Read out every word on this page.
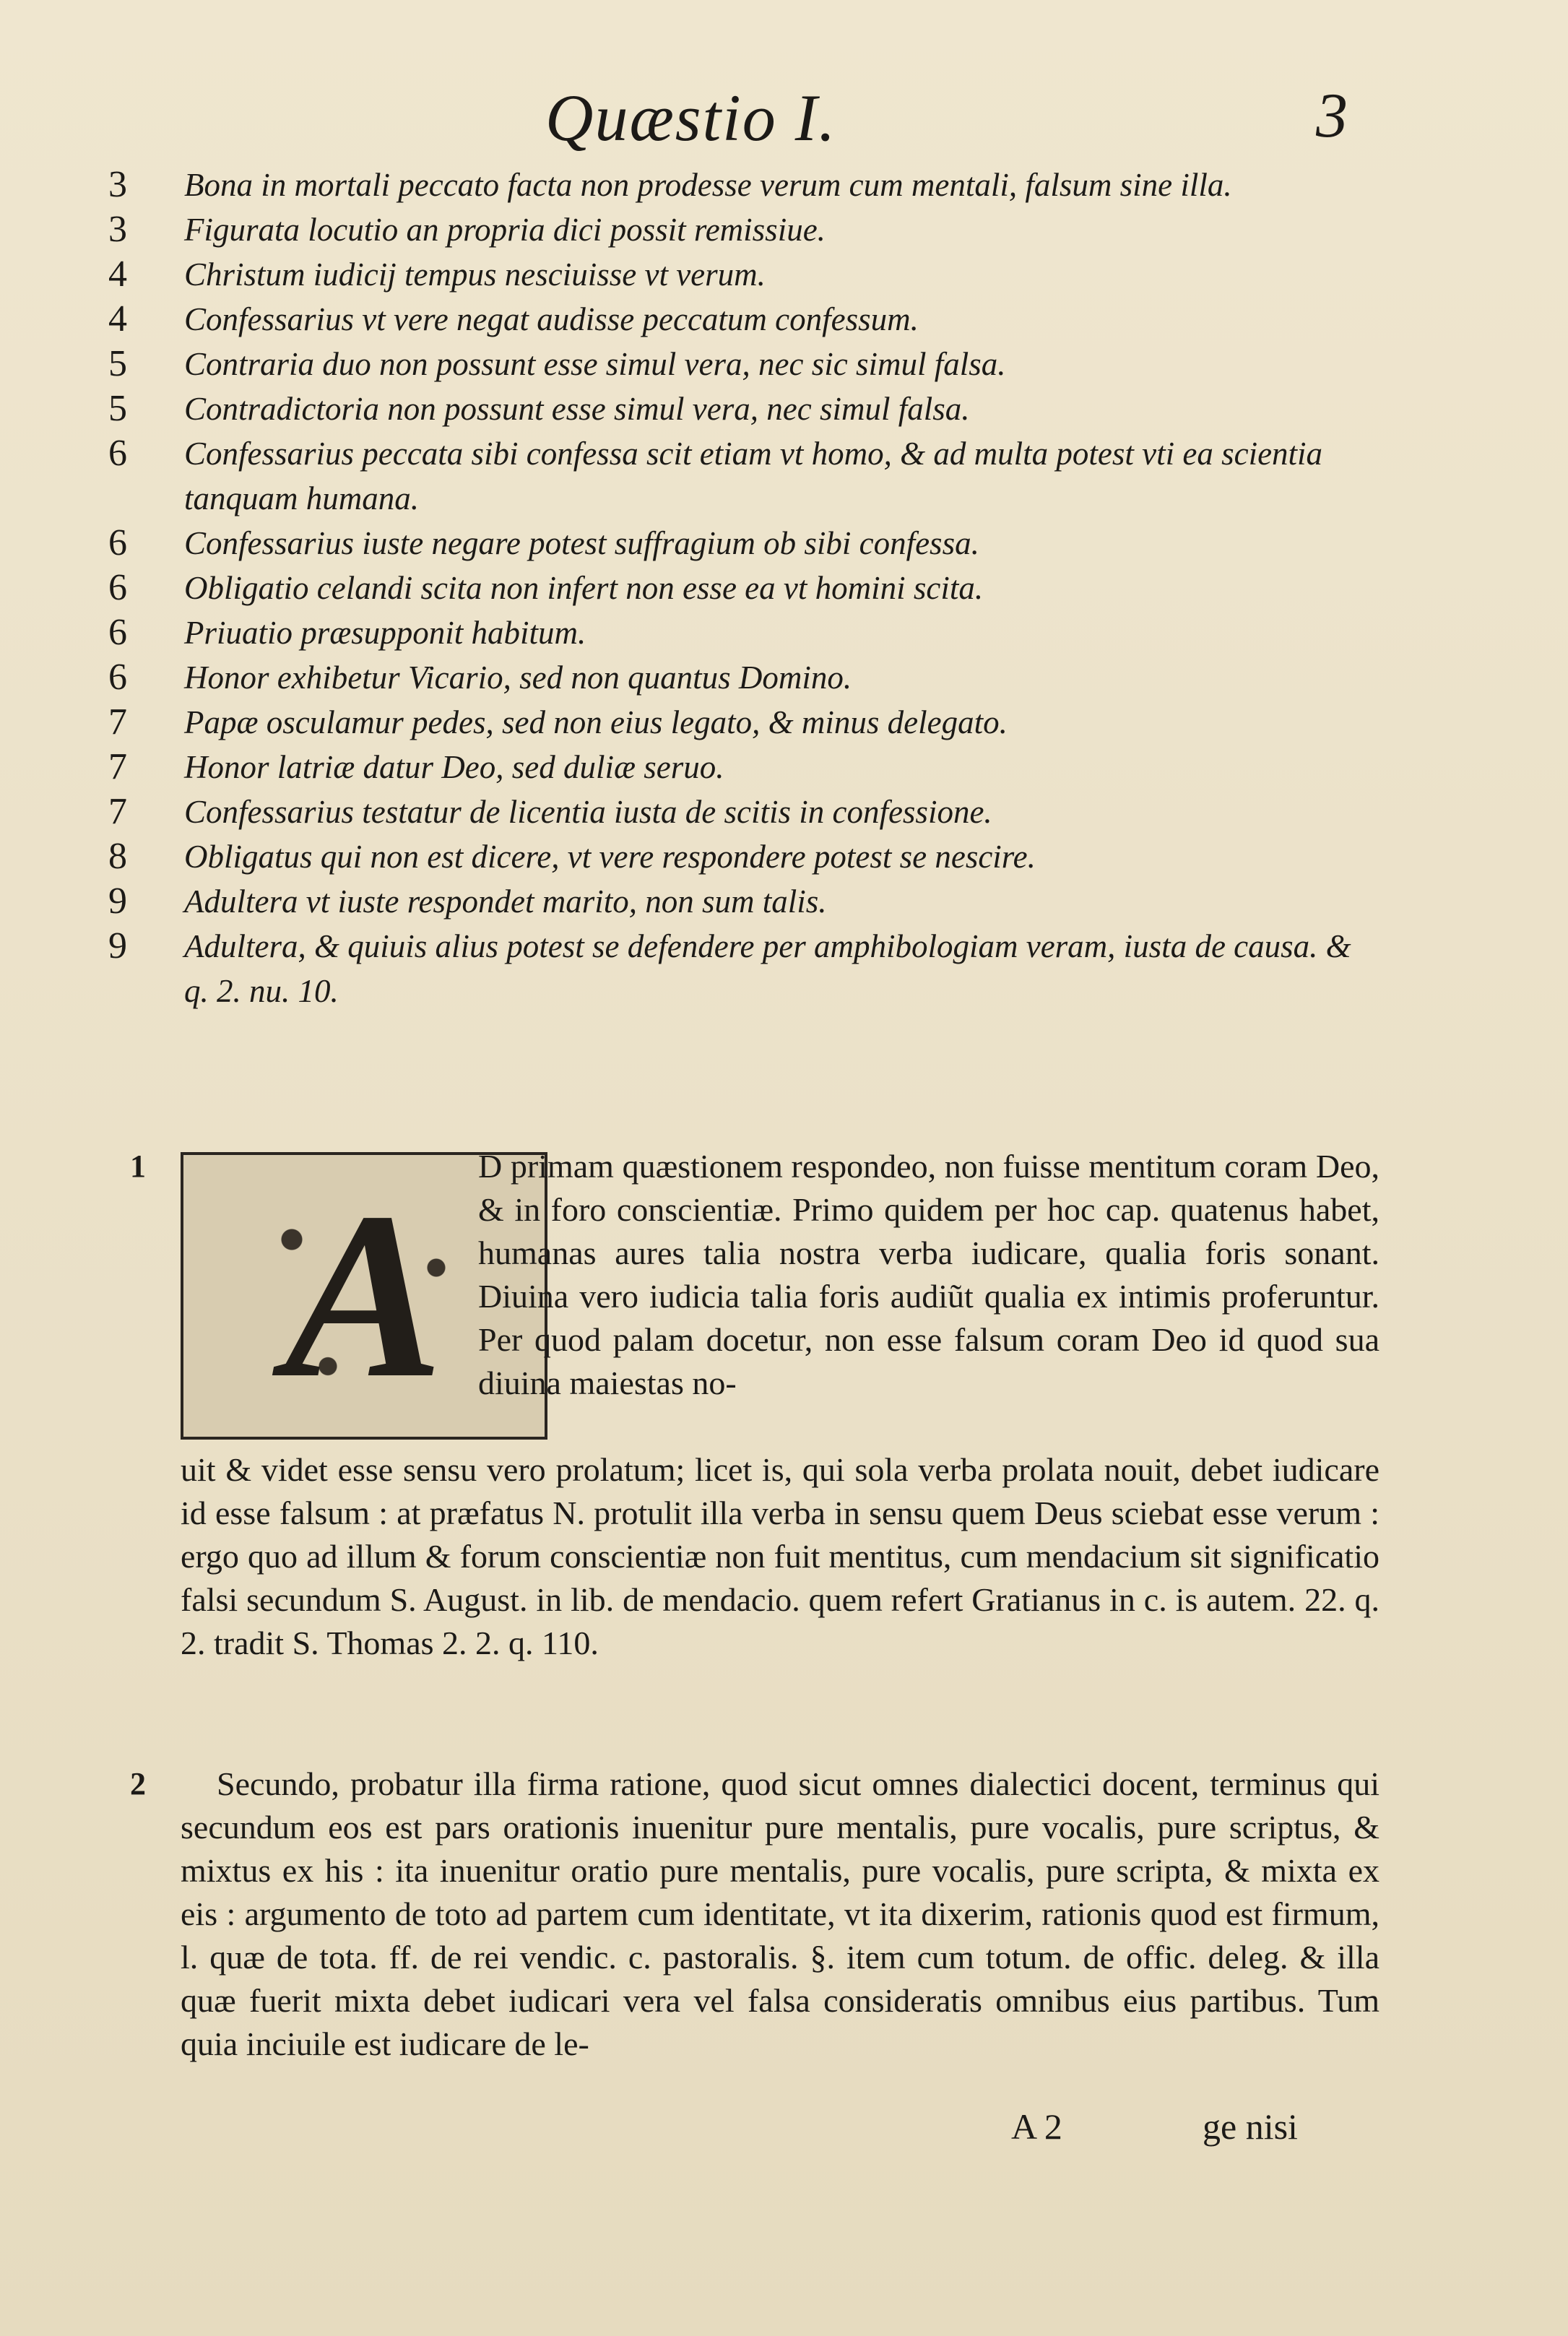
Quæstio I.	3
3	Bona in mortali peccato facta non prodesse verum cum mentali, falsum sine illa.
3	Figurata locutio an propria dici possit remissiue.
4	Christum iudicij tempus nesciuisse vt verum.
4	Confessarius vt vere negat audisse peccatum confessum.
5	Contraria duo non possunt esse simul vera, nec sic simul falsa.
5	Contradictoria non possunt esse simul vera, nec simul falsa.
6	Confessarius peccata sibi confessa scit etiam vt homo, & ad multa potest vti ea scientia tanquam humana.
6	Confessarius iuste negare potest suffragium ob sibi confessa.
6	Obligatio celandi scita non infert non esse ea vt homini scita.
6	Priuatio præsupponit habitum.
6	Honor exhibetur Vicario, sed non quantus Domino.
7	Papæ osculamur pedes, sed non eius legato, & minus delegato.
7	Honor latriæ datur Deo, sed duliæ seruo.
7	Confessarius testatur de licentia iusta de scitis in confessione.
8	Obligatus qui non est dicere, vt vere respondere potest se nescire.
9	Adultera vt iuste respondet marito, non sum talis.
9	Adultera, & quiuis alius potest se defendere per amphibologiam veram, iusta de causa. & q. 2. nu. 10.
1 A	D primam quæstionem respondeo, non fuisse mentitum coram Deo, & in foro conscientiæ. Primo quidem per hoc cap. quatenus habet, humanas aures talia nostra verba iudicare, qualia foris sonant. Diuina vero iudicia talia foris audiũt qualia ex intimis proferuntur. Per quod palam docetur, non esse falsum coram Deo id quod sua diuina maiestas no-
uit & videt esse sensu vero prolatum; licet is, qui sola verba prolata nouit, debet iudicare id esse falsum : at præfatus N. protulit illa verba in sensu quem Deus sciebat esse verum : ergo quo ad illum & forum conscientiæ non fuit mentitus, cum mendacium sit significatio falsi secundum S. August. in lib. de mendacio. quem refert Gratianus in c. is autem. 22. q. 2. tradit S. Thomas 2. 2. q. 110.
2	Secundo, probatur illa firma ratione, quod sicut omnes dialectici docent, terminus qui secundum eos est pars orationis inuenitur pure mentalis, pure vocalis, pure scriptus, & mixtus ex his : ita inuenitur oratio pure mentalis, pure vocalis, pure scripta, & mixta ex eis : argumento de toto ad partem cum identitate, vt ita dixerim, rationis quod est firmum, l. quæ de tota. ff. de rei vendic. c. pastoralis. §. item cum totum. de offic. deleg. & illa quæ fuerit mixta debet iudicari vera vel falsa consideratis omnibus eius partibus. Tum quia inciuile est iudicare de le-
A 2	ge nisi
